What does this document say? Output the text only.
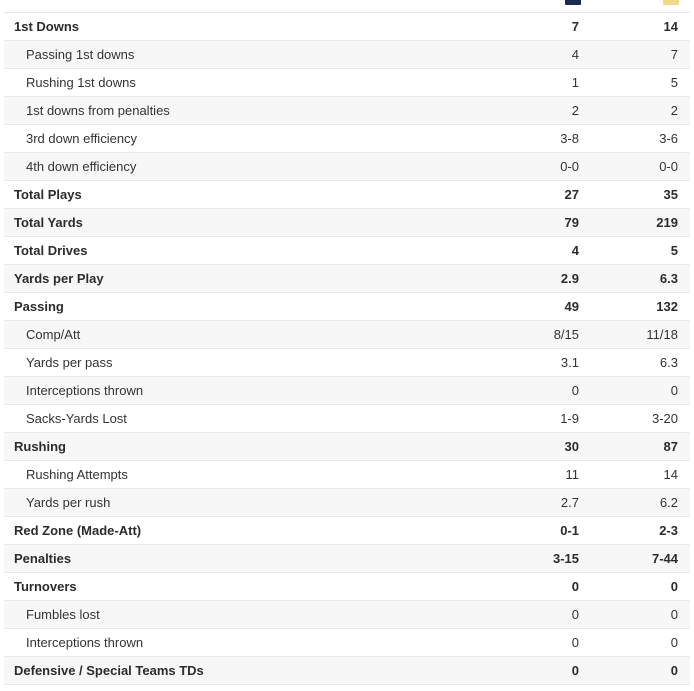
1st Downs	7	14
Passing 1st downs	4	7
Rushing 1st downs	1	5
1st downs from penalties	2	2
3rd down efficiency	3-8	3-6
4th down efficiency	0-0	0-0
Total Plays	27	35
Total Yards	79	219
Total Drives	4	5
Yards per Play	2.9	6.3
Passing	49	132
Comp/Att	8/15	11/18
Yards per pass	3.1	6.3
Interceptions thrown	0	0
Sacks-Yards Lost	1-9	3-20
Rushing	30	87
Rushing Attempts	11	14
Yards per rush	2.7	6.2
Red Zone (Made-Att)	0-1	2-3
Penalties	3-15	7-44
Turnovers	0	0
Fumbles lost	0	0
Interceptions thrown	0	0
Defensive / Special Teams TDs	0	0
